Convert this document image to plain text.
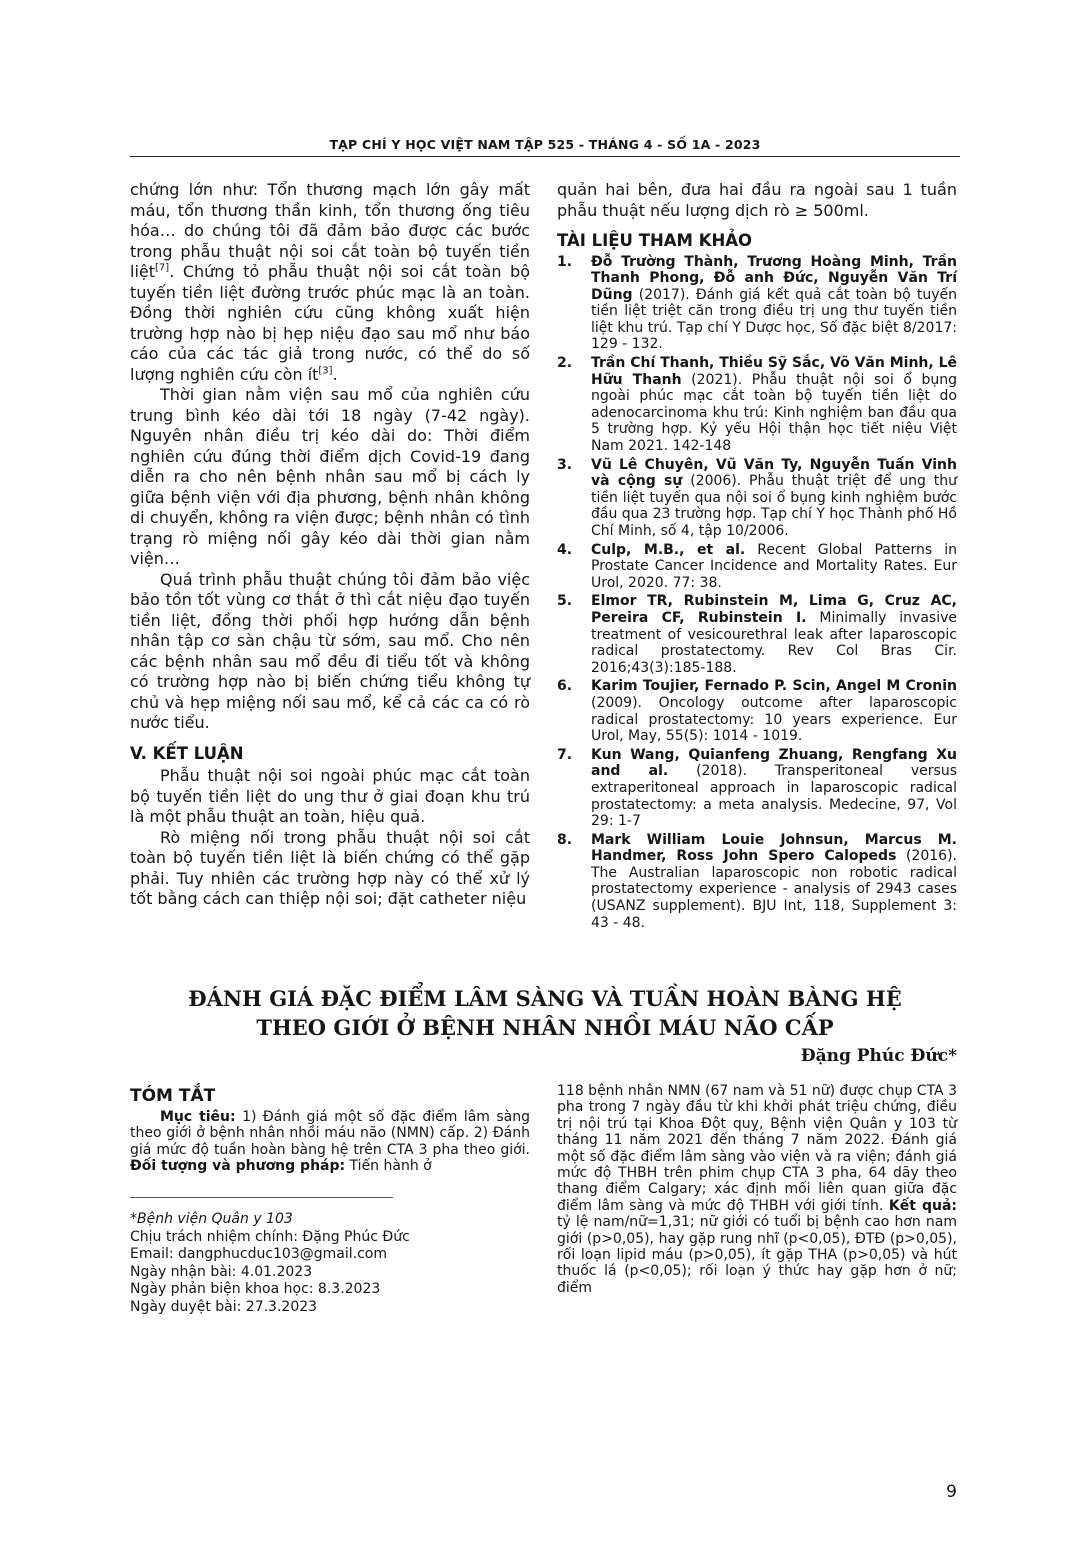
TẠP CHÍ Y HỌC VIỆT NAM TẬP 525 - THÁNG 4 - SỐ 1A - 2023

chứng lớn như: Tổn thương mạch lớn gây mất máu, tổn thương thần kinh, tổn thương ống tiêu hóa… do chúng tôi đã đảm bảo được các bước trong phẫu thuật nội soi cắt toàn bộ tuyến tiền liệt[7]. Chứng tỏ phẫu thuật nội soi cắt toàn bộ tuyến tiền liệt đường trước phúc mạc là an toàn. Đồng thời nghiên cứu cũng không xuất hiện trường hợp nào bị hẹp niệu đạo sau mổ như báo cáo của các tác giả trong nước, có thể do số lượng nghiên cứu còn ít[3].

Thời gian nằm viện sau mổ của nghiên cứu trung bình kéo dài tới 18 ngày (7-42 ngày). Nguyên nhân điều trị kéo dài do: Thời điểm nghiên cứu đúng thời điểm dịch Covid-19 đang diễn ra cho nên bệnh nhân sau mổ bị cách ly giữa bệnh viện với địa phương, bệnh nhân không di chuyển, không ra viện được; bệnh nhân có tình trạng rò miệng nối gây kéo dài thời gian nằm viện…

Quá trình phẫu thuật chúng tôi đảm bảo việc bảo tồn tốt vùng cơ thắt ở thì cắt niệu đạo tuyến tiền liệt, đồng thời phối hợp hướng dẫn bệnh nhân tập cơ sàn chậu từ sớm, sau mổ. Cho nên các bệnh nhân sau mổ đều đi tiểu tốt và không có trường hợp nào bị biến chứng tiểu không tự chủ và hẹp miệng nối sau mổ, kể cả các ca có rò nước tiểu.

V. KẾT LUẬN

Phẫu thuật nội soi ngoài phúc mạc cắt toàn bộ tuyến tiền liệt do ung thư ở giai đoạn khu trú là một phẫu thuật an toàn, hiệu quả.

Rò miệng nối trong phẫu thuật nội soi cắt toàn bộ tuyến tiền liệt là biến chứng có thể gặp phải. Tuy nhiên các trường hợp này có thể xử lý tốt bằng cách can thiệp nội soi; đặt catheter niệu

quản hai bên, đưa hai đầu ra ngoài sau 1 tuần phẫu thuật nếu lượng dịch rò ≥ 500ml.

TÀI LIỆU THAM KHẢO
1. Đỗ Trường Thành, Trương Hoàng Minh, Trần Thanh Phong, Đỗ anh Đức, Nguyễn Văn Trí Dũng (2017). Đánh giá kết quả cắt toàn bộ tuyến tiền liệt triệt căn trong điều trị ung thư tuyến tiền liệt khu trú. Tạp chí Y Dược học, Số đặc biệt 8/2017: 129 - 132.
2. Trần Chí Thanh, Thiều Sỹ Sắc, Võ Văn Minh, Lê Hữu Thanh (2021). Phẫu thuật nội soi ổ bụng ngoài phúc mạc cắt toàn bộ tuyến tiền liệt do adenocarcinoma khu trú: Kinh nghiệm ban đầu qua 5 trường hợp. Kỷ yếu Hội thận học tiết niệu Việt Nam 2021. 142-148
3. Vũ Lê Chuyên, Vũ Văn Ty, Nguyễn Tuấn Vinh và cộng sự (2006). Phẫu thuật triệt để ung thư tiền liệt tuyến qua nội soi ổ bụng kinh nghiệm bước đầu qua 23 trường hợp. Tạp chí Y học Thành phố Hồ Chí Minh, số 4, tập 10/2006.
4. Culp, M.B., et al. Recent Global Patterns in Prostate Cancer Incidence and Mortality Rates. Eur Urol, 2020. 77: 38.
5. Elmor TR, Rubinstein M, Lima G, Cruz AC, Pereira CF, Rubinstein I. Minimally invasive treatment of vesicourethral leak after laparoscopic radical prostatectomy. Rev Col Bras Cir. 2016;43(3):185-188.
6. Karim Toujier, Fernado P. Scin, Angel M Cronin (2009). Oncology outcome after laparoscopic radical prostatectomy: 10 years experience. Eur Urol, May, 55(5): 1014 - 1019.
7. Kun Wang, Quianfeng Zhuang, Rengfang Xu and al. (2018). Transperitoneal versus extraperitoneal approach in laparoscopic radical prostatectomy: a meta analysis. Medecine, 97, Vol 29: 1-7
8. Mark William Louie Johnsun, Marcus M. Handmer, Ross John Spero Calopeds (2016). The Australian laparoscopic non robotic radical prostatectomy experience - analysis of 2943 cases (USANZ supplement). BJU Int, 118, Supplement 3: 43 - 48.
ĐÁNH GIÁ ĐẶC ĐIỂM LÂM SÀNG VÀ TUẦN HOÀN BÀNG HỆ
THEO GIỚI Ở BỆNH NHÂN NHỒI MÁU NÃO CẤP
Đặng Phúc Đức*
TÓM TẮT

Mục tiêu: 1) Đánh giá một số đặc điểm lâm sàng theo giới ở bệnh nhân nhồi máu não (NMN) cấp. 2) Đánh giá mức độ tuần hoàn bàng hệ trên CTA 3 pha theo giới. Đối tượng và phương pháp: Tiến hành ở

*Bệnh viện Quân y 103
Chịu trách nhiệm chính: Đặng Phúc Đức
Email: dangphucduc103@gmail.com
Ngày nhận bài: 4.01.2023
Ngày phản biện khoa học: 8.3.2023
Ngày duyệt bài: 27.3.2023

118 bệnh nhân NMN (67 nam và 51 nữ) được chụp CTA 3 pha trong 7 ngày đầu từ khi khởi phát triệu chứng, điều trị nội trú tại Khoa Đột quỵ, Bệnh viện Quân y 103 từ tháng 11 năm 2021 đến tháng 7 năm 2022. Đánh giá một số đặc điểm lâm sàng vào viện và ra viện; đánh giá mức độ THBH trên phim chụp CTA 3 pha, 64 dãy theo thang điểm Calgary; xác định mối liên quan giữa đặc điểm lâm sàng và mức độ THBH với giới tính. Kết quả: tỷ lệ nam/nữ=1,31; nữ giới có tuổi bị bệnh cao hơn nam giới (p>0,05), hay gặp rung nhĩ (p<0,05), ĐTĐ (p>0,05), rối loạn lipid máu (p>0,05), ít gặp THA (p>0,05) và hút thuốc lá (p<0,05); rối loạn ý thức hay gặp hơn ở nữ; điểm

9
